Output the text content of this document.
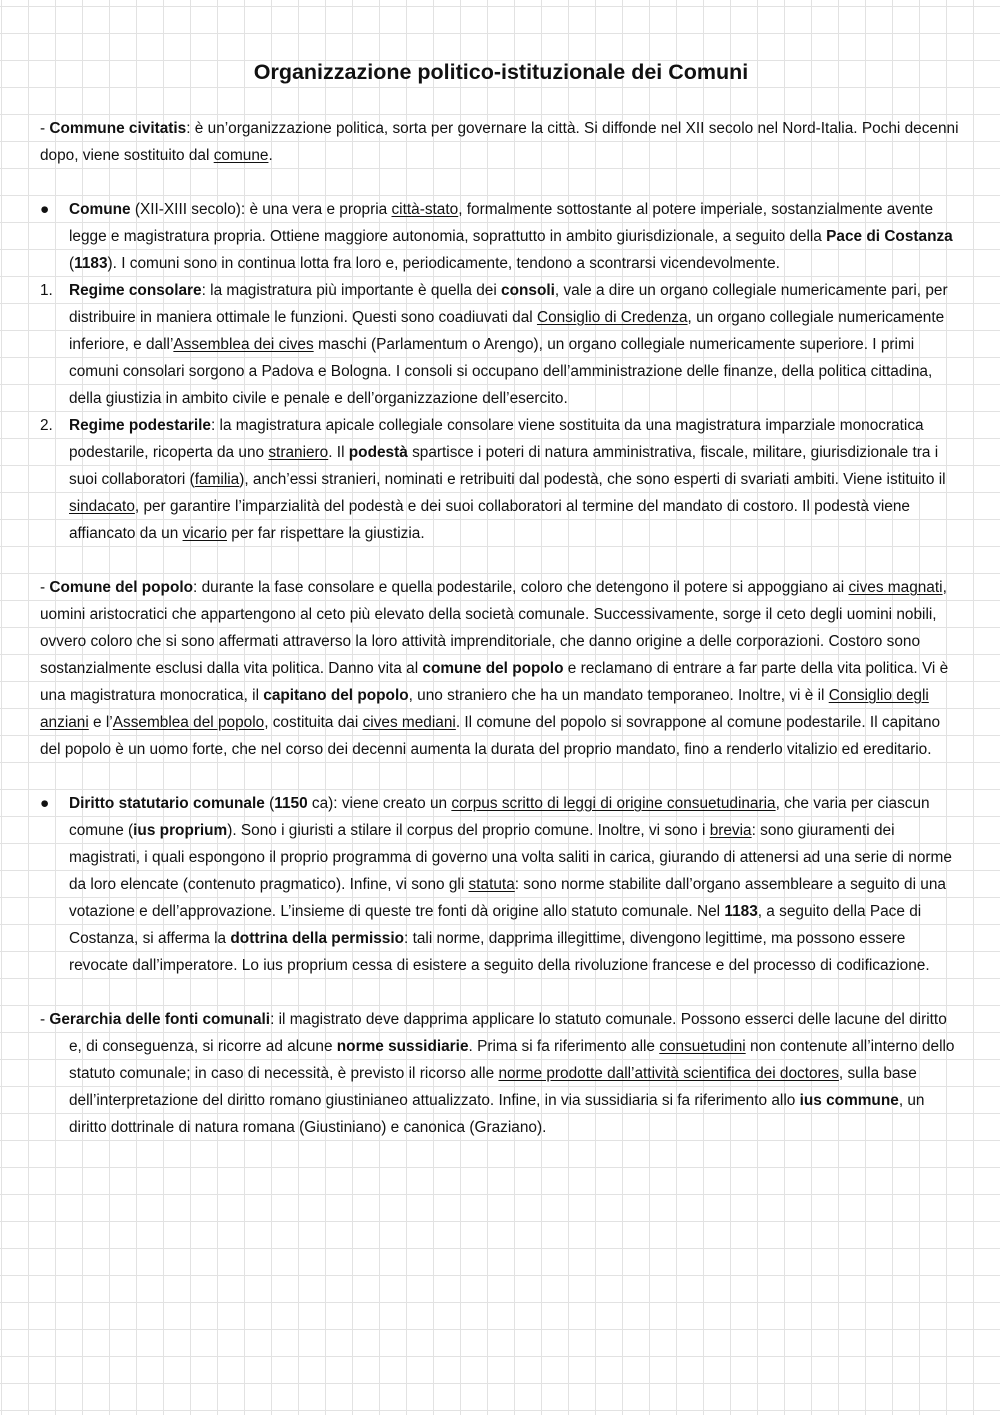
Organizzazione politico-istituzionale dei Comuni

- Commune civitatis: è un’organizzazione politica, sorta per governare la città. Si diffonde nel XII secolo nel Nord-Italia. Pochi decenni dopo, viene sostituito dal comune.

●	Comune (XII-XIII secolo): è una vera e propria città-stato, formalmente sottostante al potere imperiale, sostanzialmente avente legge e magistratura propria. Ottiene maggiore autonomia, soprattutto in ambito giurisdizionale, a seguito della Pace di Costanza (1183). I comuni sono in continua lotta fra loro e, periodicamente, tendono a scontrarsi vicendevolmente.

1.	Regime consolare: la magistratura più importante è quella dei consoli, vale a dire un organo collegiale numericamente pari, per distribuire in maniera ottimale le funzioni. Questi sono coadiuvati dal Consiglio di Credenza, un organo collegiale numericamente inferiore, e dall’Assemblea dei cives maschi (Parlamentum o Arengo), un organo collegiale numericamente superiore. I primi comuni consolari sorgono a Padova e Bologna. I consoli si occupano dell’amministrazione delle finanze, della politica cittadina, della giustizia in ambito civile e penale e dell’organizzazione dell’esercito.

2.	Regime podestarile: la magistratura apicale collegiale consolare viene sostituita da una magistratura imparziale monocratica podestarile, ricoperta da uno straniero. Il podestà spartisce i poteri di natura amministrativa, fiscale, militare, giurisdizionale tra i suoi collaboratori (familia), anch’essi stranieri, nominati e retribuiti dal podestà, che sono esperti di svariati ambiti. Viene istituito il sindacato, per garantire l’imparzialità del podestà e dei suoi collaboratori al termine del mandato di costoro. Il podestà viene affiancato da un vicario per far rispettare la giustizia.

- Comune del popolo: durante la fase consolare e quella podestarile, coloro che detengono il potere si appoggiano ai cives magnati, uomini aristocratici che appartengono al ceto più elevato della società comunale. Successivamente, sorge il ceto degli uomini nobili, ovvero coloro che si sono affermati attraverso la loro attività imprenditoriale, che danno origine a delle corporazioni. Costoro sono sostanzialmente esclusi dalla vita politica. Danno vita al comune del popolo e reclamano di entrare a far parte della vita politica. Vi è una magistratura monocratica, il capitano del popolo, uno straniero che ha un mandato temporaneo. Inoltre, vi è il Consiglio degli anziani e l’Assemblea del popolo, costituita dai cives mediani. Il comune del popolo si sovrappone al comune podestarile. Il capitano del popolo è un uomo forte, che nel corso dei decenni aumenta la durata del proprio mandato, fino a renderlo vitalizio ed ereditario.

●	Diritto statutario comunale (1150 ca): viene creato un corpus scritto di leggi di origine consuetudinaria, che varia per ciascun comune (ius proprium). Sono i giuristi a stilare il corpus del proprio comune. Inoltre, vi sono i brevia: sono giuramenti dei magistrati, i quali espongono il proprio programma di governo una volta saliti in carica, giurando di attenersi ad una serie di norme da loro elencate (contenuto pragmatico). Infine, vi sono gli statuta: sono norme stabilite dall’organo assembleare a seguito di una votazione e dell’approvazione. L’insieme di queste tre fonti dà origine allo statuto comunale. Nel 1183, a seguito della Pace di Costanza, si afferma la dottrina della permissio: tali norme, dapprima illegittime, divengono legittime, ma possono essere revocate dall’imperatore. Lo ius proprium cessa di esistere a seguito della rivoluzione francese e del processo di codificazione.

- Gerarchia delle fonti comunali: il magistrato deve dapprima applicare lo statuto comunale. Possono esserci delle lacune del diritto e, di conseguenza, si ricorre ad alcune norme sussidiarie. Prima si fa riferimento alle consuetudini non contenute all’interno dello statuto comunale; in caso di necessità, è previsto il ricorso alle norme prodotte dall’attività scientifica dei doctores, sulla base dell’interpretazione del diritto romano giustinianeo attualizzato. Infine, in via sussidiaria si fa riferimento allo ius commune, un diritto dottrinale di natura romana (Giustiniano) e canonica (Graziano).
